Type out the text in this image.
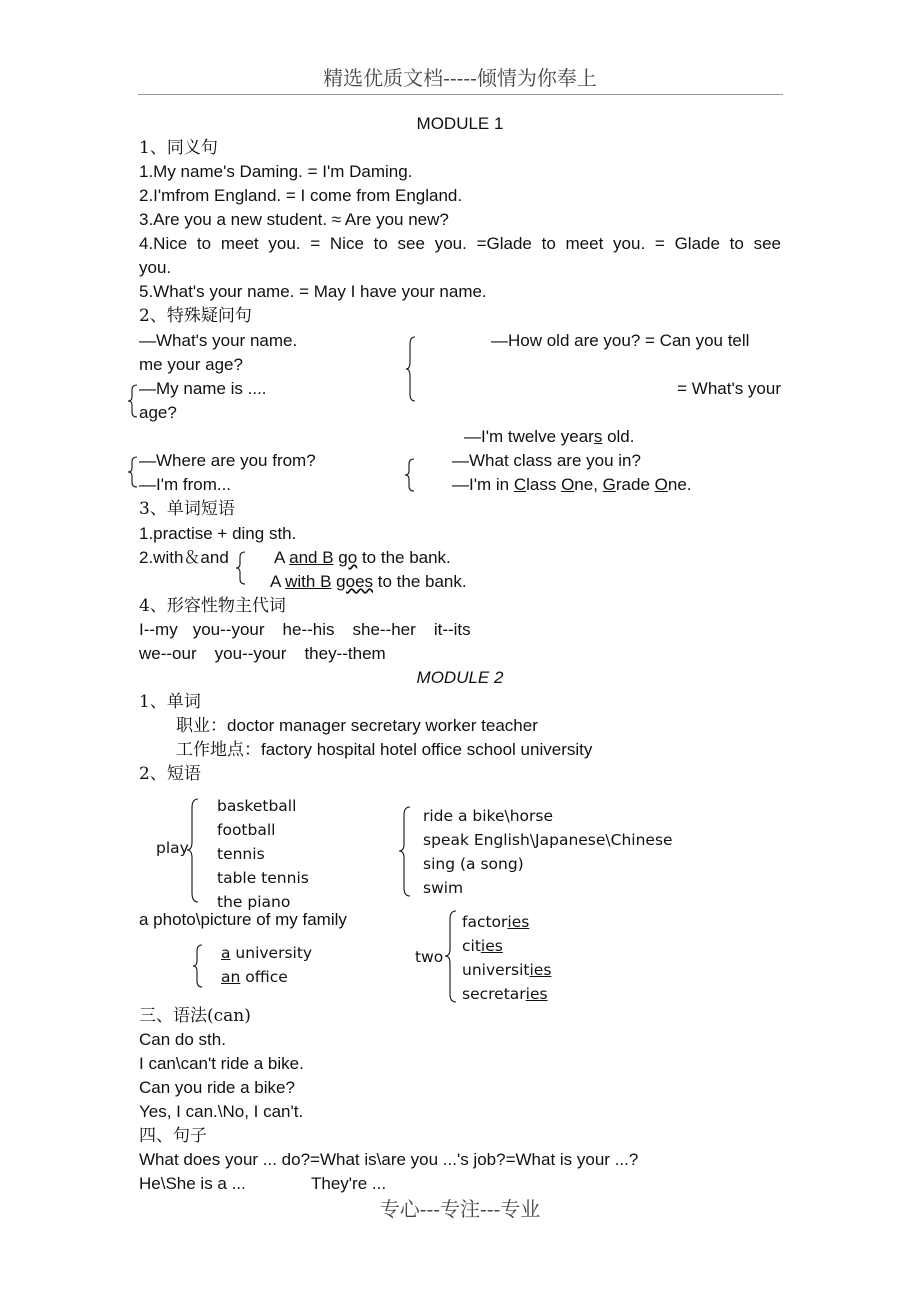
精选优质文档-----倾情为你奉上
专心---专注---专业
MODULE 1
1、同义句
1.My name's Daming. = I'm Daming.
2.I'mfrom England. = I come from England.
3.Are you a new student. ≈ Are you new?
4.Nice to meet you. = Nice to see you. =Glade to meet you. = Glade to see
you.
5.What's your name. = May I have your name.
2、特殊疑问句
—What's your name.	—How old are you? = Can you tell
me your age?
—My name is ....	= What's your
age?
—I'm twelve years old.
—Where are you from?	—What class are you in?
—I'm from...	—I'm in Class One, Grade One.
3、单词短语
1.practise + ding sth.
2.with＆and	A and B go to the bank.
A with B goes to the bank.
4、形容性物主代词
I--my you--your he--his she--her it--its
we--our you--your they--them
MODULE 2
1、单词
职业：doctor manager secretary worker teacher
工作地点：factory hospital hotel office school university
2、短语
play
basketball
football
tennis
table tennis
the piano
ride a bike\horse
speak English\Japanese\Chinese
sing (a song)
swim
a photo\picture of my family
a university
an office
two
factories
cities
universities
secretaries
三、语法(can)
Can do sth.
I can\can't ride a bike.
Can you ride a bike?
Yes, I can.\No, I can't.
四、句子
What does your ... do?=What is\are you ...'s job?=What is your ...?
He\She is a ...	They're ...
